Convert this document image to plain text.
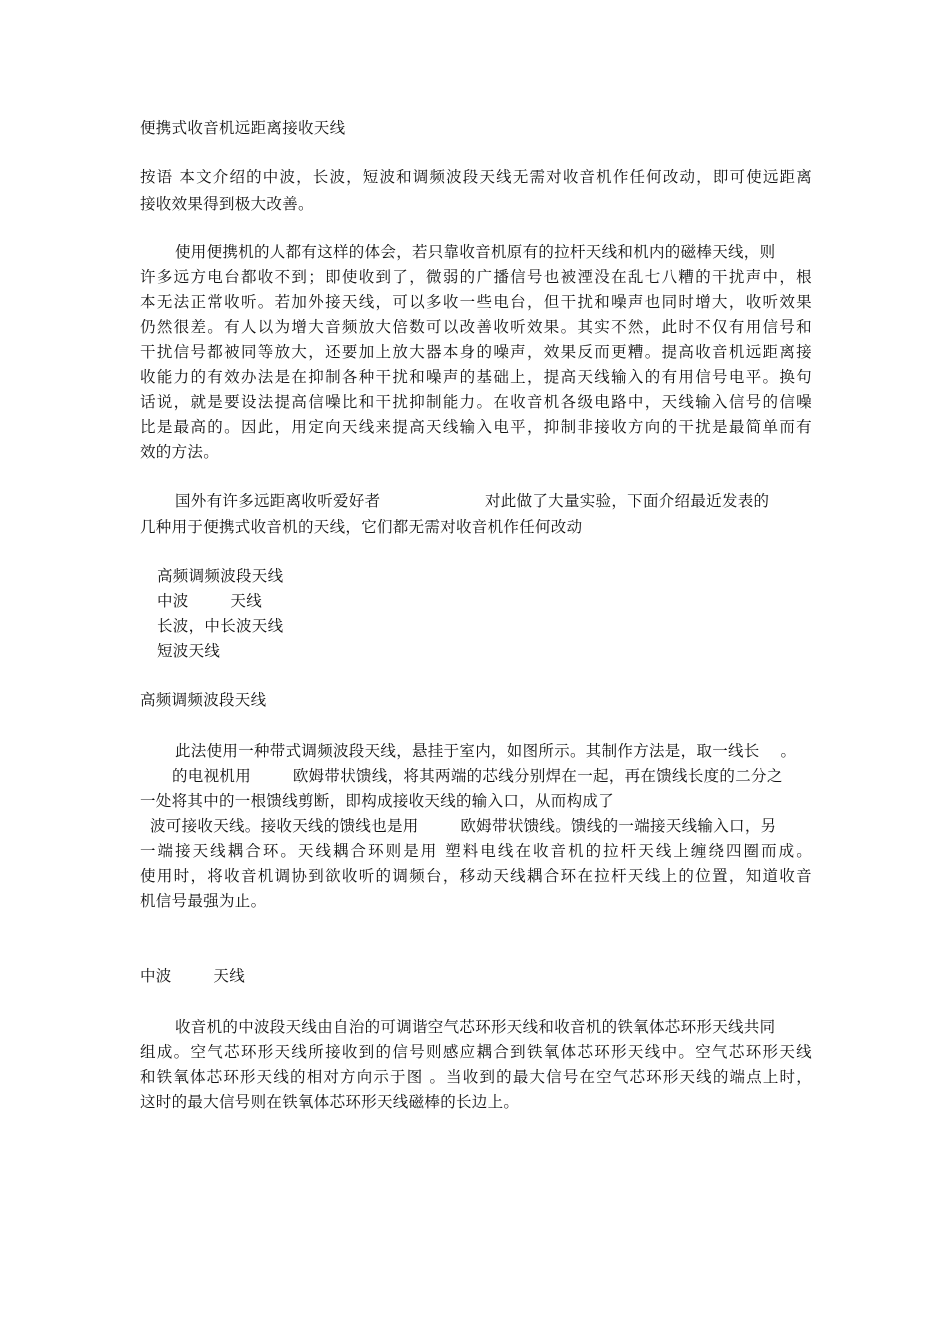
便携式收音机远距离接收天线
按语 本文介绍的中波，长波，短波和调频波段天线无需对收音机作任何改动，即可使远距离
接收效果得到极大改善。
使用便携机的人都有这样的体会，若只靠收音机原有的拉杆天线和机内的磁棒天线，则
许多远方电台都收不到；即使收到了，微弱的广播信号也被湮没在乱七八糟的干扰声中，根
本无法正常收听。若加外接天线，可以多收一些电台，但干扰和噪声也同时增大，收听效果
仍然很差。有人以为增大音频放大倍数可以改善收听效果。其实不然，此时不仅有用信号和
干扰信号都被同等放大，还要加上放大器本身的噪声，效果反而更糟。提高收音机远距离接
收能力的有效办法是在抑制各种干扰和噪声的基础上，提高天线输入的有用信号电平。换句
话说，就是要设法提高信噪比和干扰抑制能力。在收音机各级电路中，天线输入信号的信噪
比是最高的。因此，用定向天线来提高天线输入电平，抑制非接收方向的干扰是最简单而有
效的方法。
国外有许多远距离收听爱好者                    对此做了大量实验，下面介绍最近发表的
几种用于便携式收音机的天线，它们都无需对收音机作任何改动
高频调频波段天线
中波        天线
长波，中长波天线
短波天线
高频调频波段天线
此法使用一种带式调频波段天线，悬挂于室内，如图所示。其制作方法是，取一线长    。
的电视机用        欧姆带状馈线，将其两端的芯线分别焊在一起，再在馈线长度的二分之
一处将其中的一根馈线剪断，即构成接收天线的输入口，从而构成了
波可接收天线。接收天线的馈线也是用        欧姆带状馈线。馈线的一端接天线输入口，另
一端接天线耦合环。天线耦合环则是用 塑料电线在收音机的拉杆天线上缠绕四圈而成。
使用时，将收音机调协到欲收听的调频台，移动天线耦合环在拉杆天线上的位置，知道收音
机信号最强为止。
中波        天线
收音机的中波段天线由自治的可调谐空气芯环形天线和收音机的铁氧体芯环形天线共同
组成。空气芯环形天线所接收到的信号则感应耦合到铁氧体芯环形天线中。空气芯环形天线
和铁氧体芯环形天线的相对方向示于图 。当收到的最大信号在空气芯环形天线的端点上时，
这时的最大信号则在铁氧体芯环形天线磁棒的长边上。
